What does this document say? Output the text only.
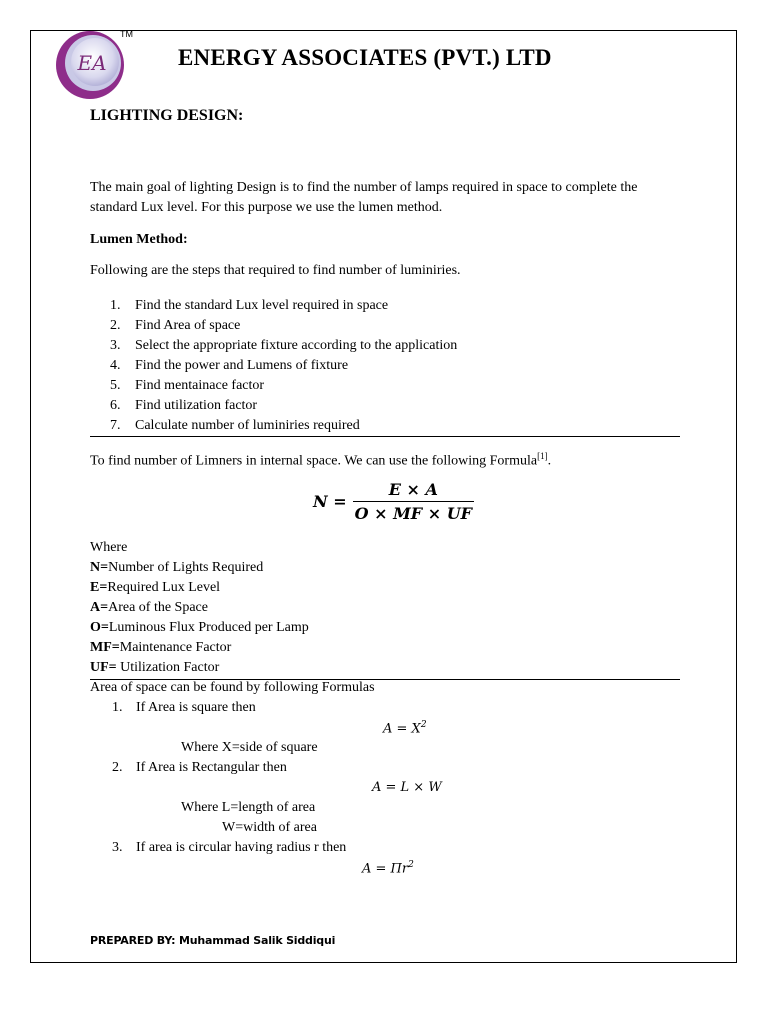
EA
TM
ENERGY ASSOCIATES (PVT.) LTD
LIGHTING DESIGN:
The main goal of lighting Design is to find the number of lamps required in space to complete the standard Lux level. For this purpose we use the lumen method.
Lumen Method:
Following are the steps that required to find number of luminiries.
1. Find the standard Lux level required in space
2. Find Area of space
3. Select the appropriate fixture according to the application
4. Find the power and Lumens of fixture
5. Find mentainace factor
6. Find utilization factor
7. Calculate number of luminiries required
To find number of Limners in internal space. We can use the following Formula[1].
$N = \frac{E \times A}{O \times MF \times UF}$
Where
N=Number of Lights Required
E=Required Lux Level
A=Area of the Space
O=Luminous Flux Produced per Lamp
MF=Maintenance Factor
UF= Utilization Factor
Area of space can be found by following Formulas
1. If Area is square then
$A = X^2$
Where X=side of square
2. If Area is Rectangular then
A = L × W
Where L=length of area
W=width of area
3. If area is circular having radius r then
$A = \Pi r^2$
PREPARED BY: Muhammad Salik Siddiqui
